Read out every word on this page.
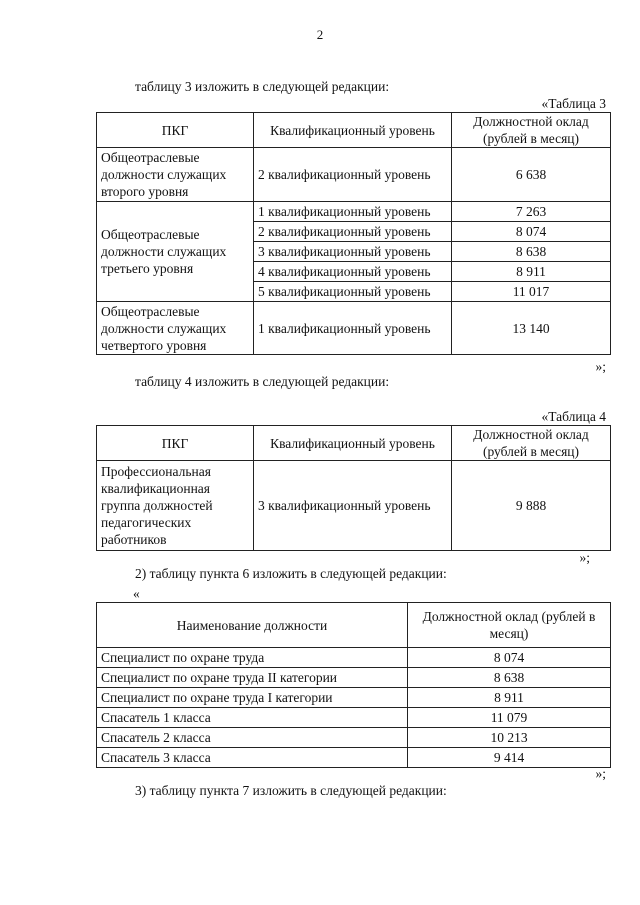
2
таблицу 3 изложить в следующей редакции:
«Таблица 3
ПКГ	Квалификационный уровень	Должностной оклад (рублей в месяц)
Общеотраслевые должности служащих второго уровня	2 квалификационный уровень	6 638
Общеотраслевые должности служащих третьего уровня	1 квалификационный уровень	7 263
	2 квалификационный уровень	8 074
	3 квалификационный уровень	8 638
	4 квалификационный уровень	8 911
	5 квалификационный уровень	11 017
Общеотраслевые должности служащих четвертого уровня	1 квалификационный уровень	13 140
»;
таблицу 4 изложить в следующей редакции:
«Таблица 4
ПКГ	Квалификационный уровень	Должностной оклад (рублей в месяц)
Профессиональная квалификационная группа должностей педагогических работников	3 квалификационный уровень	9 888
»;
2) таблицу пункта 6 изложить в следующей редакции:
«
Наименование должности	Должностной оклад (рублей в месяц)
Специалист по охране труда	8 074
Специалист по охране труда II категории	8 638
Специалист по охране труда I категории	8 911
Спасатель 1 класса	11 079
Спасатель 2 класса	10 213
Спасатель 3 класса	9 414
»;
3) таблицу пункта 7 изложить в следующей редакции:
